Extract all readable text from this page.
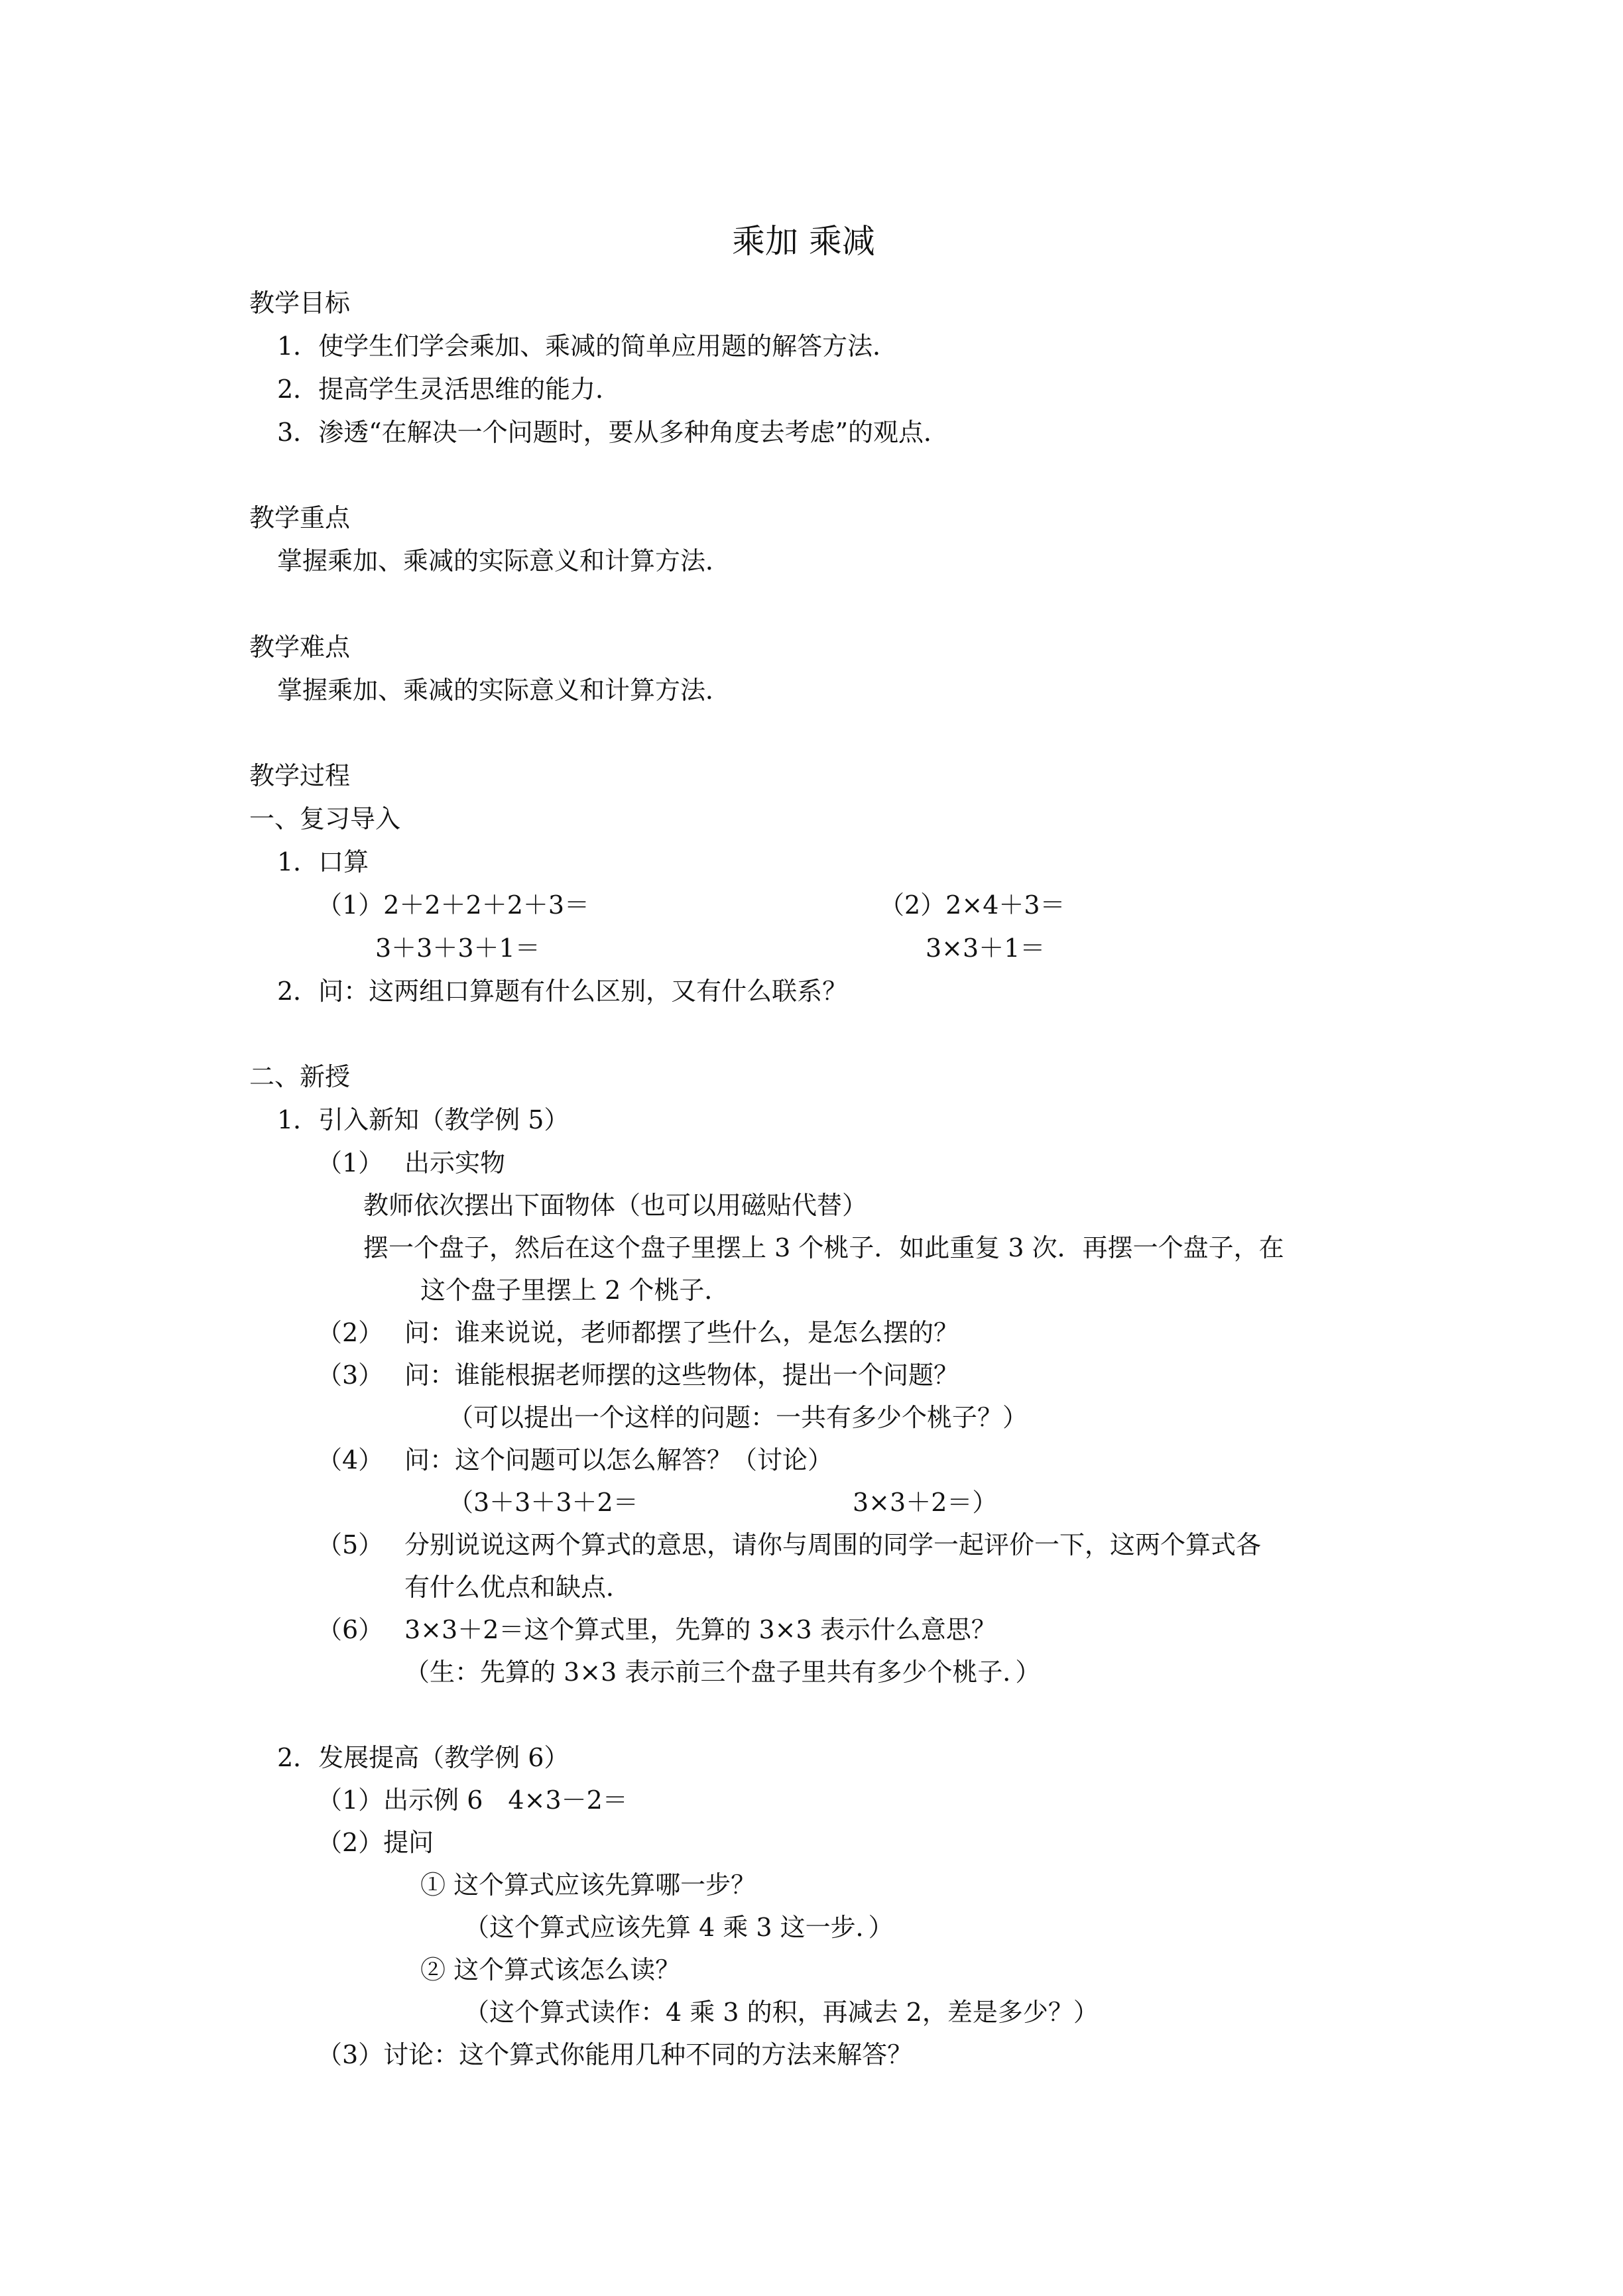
乘加 乘减
教学目标
1．使学生们学会乘加、乘减的简单应用题的解答方法．
2．提高学生灵活思维的能力．
3．渗透“在解决一个问题时，要从多种角度去考虑”的观点．
教学重点
掌握乘加、乘减的实际意义和计算方法．
教学难点
掌握乘加、乘减的实际意义和计算方法．
教学过程
一、复习导入
1．口算
（1）2＋2＋2＋2＋3＝	（2）2×4＋3＝
3＋3＋3＋1＝	3×3＋1＝
2．问：这两组口算题有什么区别，又有什么联系？
二、新授
1．引入新知（教学例 5）
（1） 出示实物
教师依次摆出下面物体（也可以用磁贴代替）
摆一个盘子，然后在这个盘子里摆上 3 个桃子．如此重复 3 次．再摆一个盘子，在
这个盘子里摆上 2 个桃子．
（2） 问：谁来说说，老师都摆了些什么，是怎么摆的？
（3） 问：谁能根据老师摆的这些物体，提出一个问题？
（可以提出一个这样的问题：一共有多少个桃子？）
（4） 问：这个问题可以怎么解答？（讨论）
（3＋3＋3＋2＝	3×3＋2＝）
（5） 分别说说这两个算式的意思，请你与周围的同学一起评价一下，这两个算式各
有什么优点和缺点．
（6） 3×3＋2＝这个算式里，先算的 3×3 表示什么意思？
（生：先算的 3×3 表示前三个盘子里共有多少个桃子．）
2．发展提高（教学例 6）
（1）出示例 6　4×3－2＝
（2）提问
① 这个算式应该先算哪一步？
（这个算式应该先算 4 乘 3 这一步．）
② 这个算式该怎么读？
（这个算式读作：4 乘 3 的积，再减去 2，差是多少？）
（3）讨论：这个算式你能用几种不同的方法来解答？
